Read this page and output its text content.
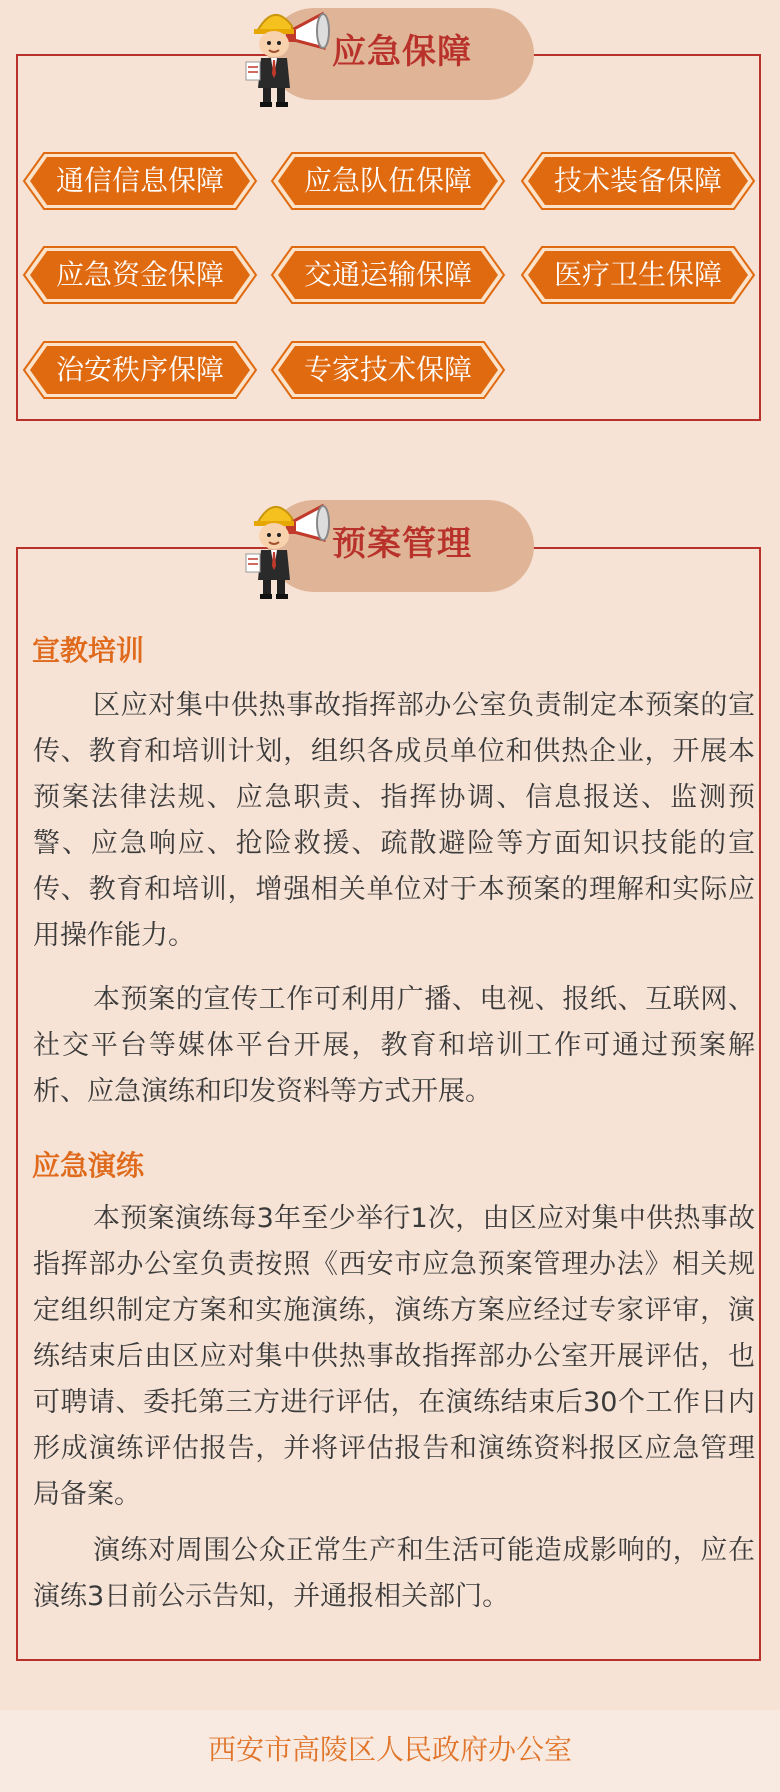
应急保障
通信信息保障	应急队伍保障	技术装备保障
应急资金保障	交通运输保障	医疗卫生保障
治安秩序保障	专家技术保障
预案管理
宣教培训

区应对集中供热事故指挥部办公室负责制定本预案的宣传、教育和培训计划，组织各成员单位和供热企业，开展本预案法律法规、应急职责、指挥协调、信息报送、监测预警、应急响应、抢险救援、疏散避险等方面知识技能的宣传、教育和培训，增强相关单位对于本预案的理解和实际应用操作能力。

本预案的宣传工作可利用广播、电视、报纸、互联网、社交平台等媒体平台开展，教育和培训工作可通过预案解析、应急演练和印发资料等方式开展。

应急演练

本预案演练每3年至少举行1次，由区应对集中供热事故指挥部办公室负责按照《西安市应急预案管理办法》相关规定组织制定方案和实施演练，演练方案应经过专家评审，演练结束后由区应对集中供热事故指挥部办公室开展评估，也可聘请、委托第三方进行评估，在演练结束后30个工作日内形成演练评估报告，并将评估报告和演练资料报区应急管理局备案。

演练对周围公众正常生产和生活可能造成影响的，应在演练3日前公示告知，并通报相关部门。

西安市高陵区人民政府办公室
